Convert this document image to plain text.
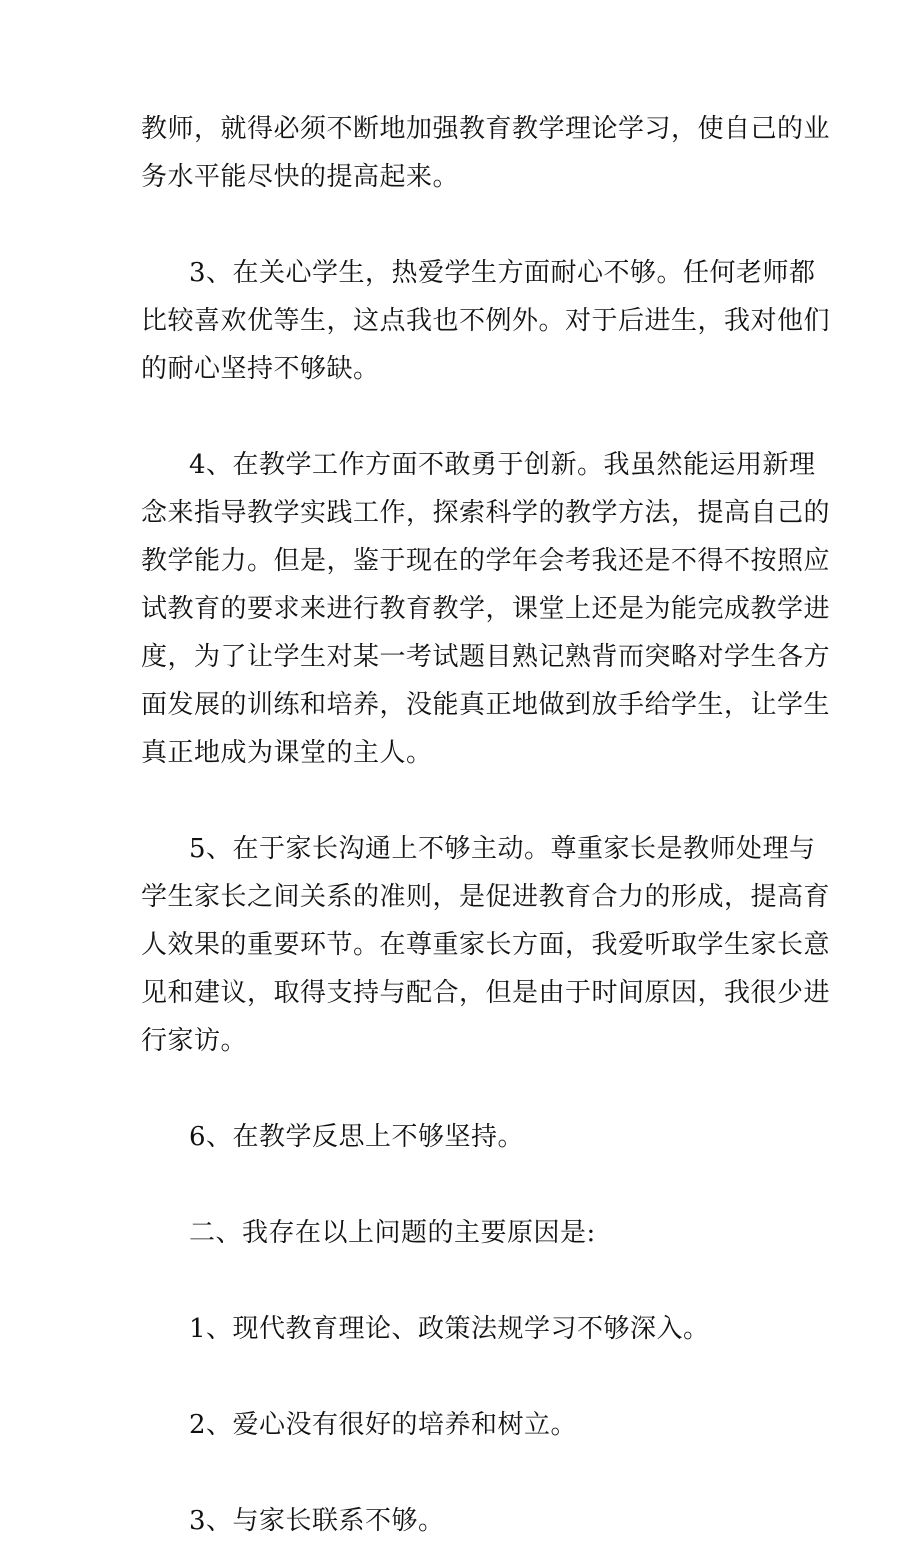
教师，就得必须不断地加强教育教学理论学习，使自己的业
务水平能尽快的提高起来。
3、在关心学生，热爱学生方面耐心不够。任何老师都
比较喜欢优等生，这点我也不例外。对于后进生，我对他们
的耐心坚持不够缺。
4、在教学工作方面不敢勇于创新。我虽然能运用新理
念来指导教学实践工作，探索科学的教学方法，提高自己的
教学能力。但是，鉴于现在的学年会考我还是不得不按照应
试教育的要求来进行教育教学，课堂上还是为能完成教学进
度，为了让学生对某一考试题目熟记熟背而突略对学生各方
面发展的训练和培养，没能真正地做到放手给学生，让学生
真正地成为课堂的主人。
5、在于家长沟通上不够主动。尊重家长是教师处理与
学生家长之间关系的准则，是促进教育合力的形成，提高育
人效果的重要环节。在尊重家长方面，我爱听取学生家长意
见和建议，取得支持与配合，但是由于时间原因，我很少进
行家访。
6、在教学反思上不够坚持。
二、我存在以上问题的主要原因是:
1、现代教育理论、政策法规学习不够深入。
2、爱心没有很好的培养和树立。
3、与家长联系不够。
